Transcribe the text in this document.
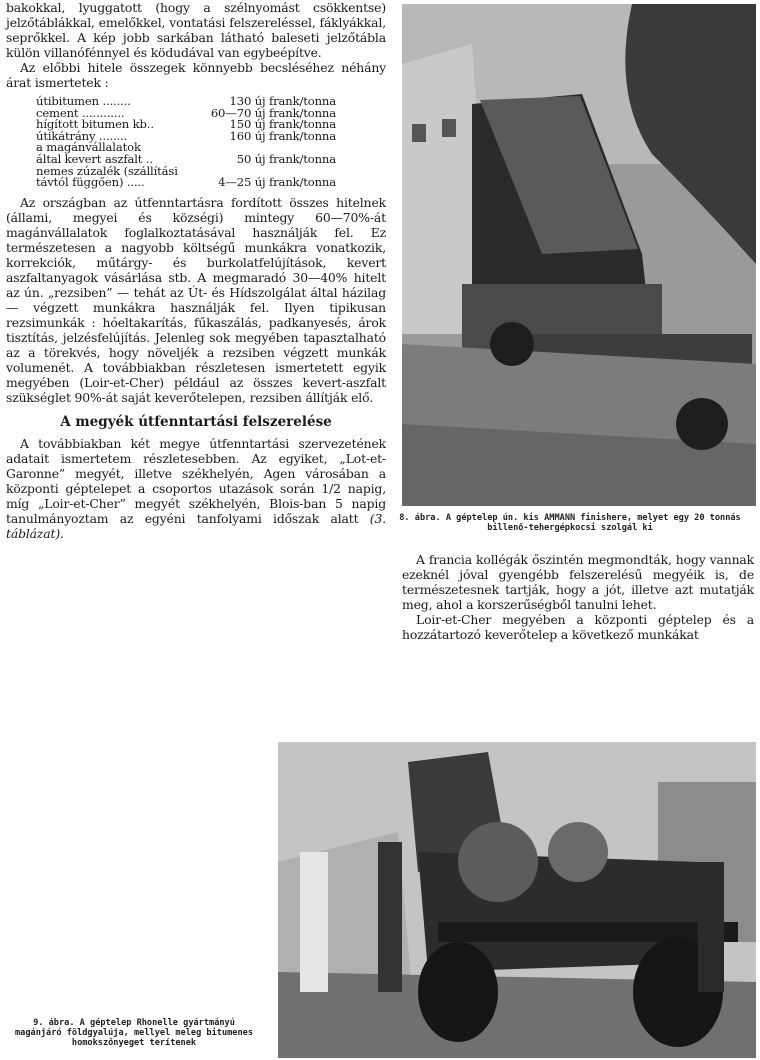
bakokkal, lyuggatott (hogy a szélnyomást csökkentse) jelzőtáblákkal, emelőkkel, vontatási felszereléssel, fáklyákkal, seprőkkel. A kép jobb sarkában látható baleseti jelzőtábla külön villanófénnyel és ködudával van egybeépítve.

Az előbbi hitele összegek könnyebb becsléséhez néhány árat ismertetek :

útibitumen ........	130 új frank/tonna
cement ............	60—70 új frank/tonna
hígított bitumen kb..	150 új frank/tonna
útikátrány ........	160 új frank/tonna
a magánvállalatok
által kevert aszfalt ..	50 új frank/tonna
nemes zúzalék (szállítási
távtól függően) .....	4—25 új frank/tonna

Az országban az útfenntartásra fordított összes hitelnek (állami, megyei és községi) mintegy 60—70%-át magánvállalatok foglalkoztatásával használják fel. Ez természetesen a nagyobb költségű munkákra vonatkozik, korrekciók, műtárgy- és burkolatfelújítások, kevert aszfaltanyagok vásárlása stb. A megmaradó 30—40% hitelt az ún. „rezsiben” — tehát az Út- és Hídszolgálat által házilag — végzett munkákra használják fel. Ilyen tipikusan rezsimunkák : hóeltakarítás, fűkaszálás, padkanyesés, árok tisztítás, jelzésfelújítás. Jelenleg sok megyében tapasztalható az a törekvés, hogy növeljék a rezsiben végzett munkák volumenét. A továbbiakban részletesen ismertetett egyik megyében (Loir-et-Cher) például az összes kevert-aszfalt szükséglet 90%-át saját keverőtelepen, rezsiben állítják elő.

A megyék útfenntartási felszerelése

A továbbiakban két megye útfenntartási szervezetének adatait ismertetem részletesebben. Az egyiket, „Lot-et-Garonne” megyét, illetve székhelyén, Agen városában a központi géptelepet a csoportos utazások során 1/2 napig, míg „Loir-et-Cher” megyét székhelyén, Blois-ban 5 napig tanulmányoztam az egyéni tanfolyami időszak alatt (3. táblázat).

8. ábra. A géptelep ún. kis AMMANN finishere, melyet egy 20 tonnás billenő-tehergépkocsi szolgál ki

A francia kollégák őszintén megmondták, hogy vannak ezeknél jóval gyengébb felszerelésű megyéik is, de természetesnek tartják, hogy a jót, illetve azt mutatják meg, ahol a korszerűségből tanulni lehet.

Loir-et-Cher megyében a központi géptelep és a hozzátartozó keverőtelep a következő munkákat

9. ábra. A géptelep Rhonelle gyártmányú magánjáró földgyalúja, mellyel meleg bitumenes homokszőnyeget terítenek
